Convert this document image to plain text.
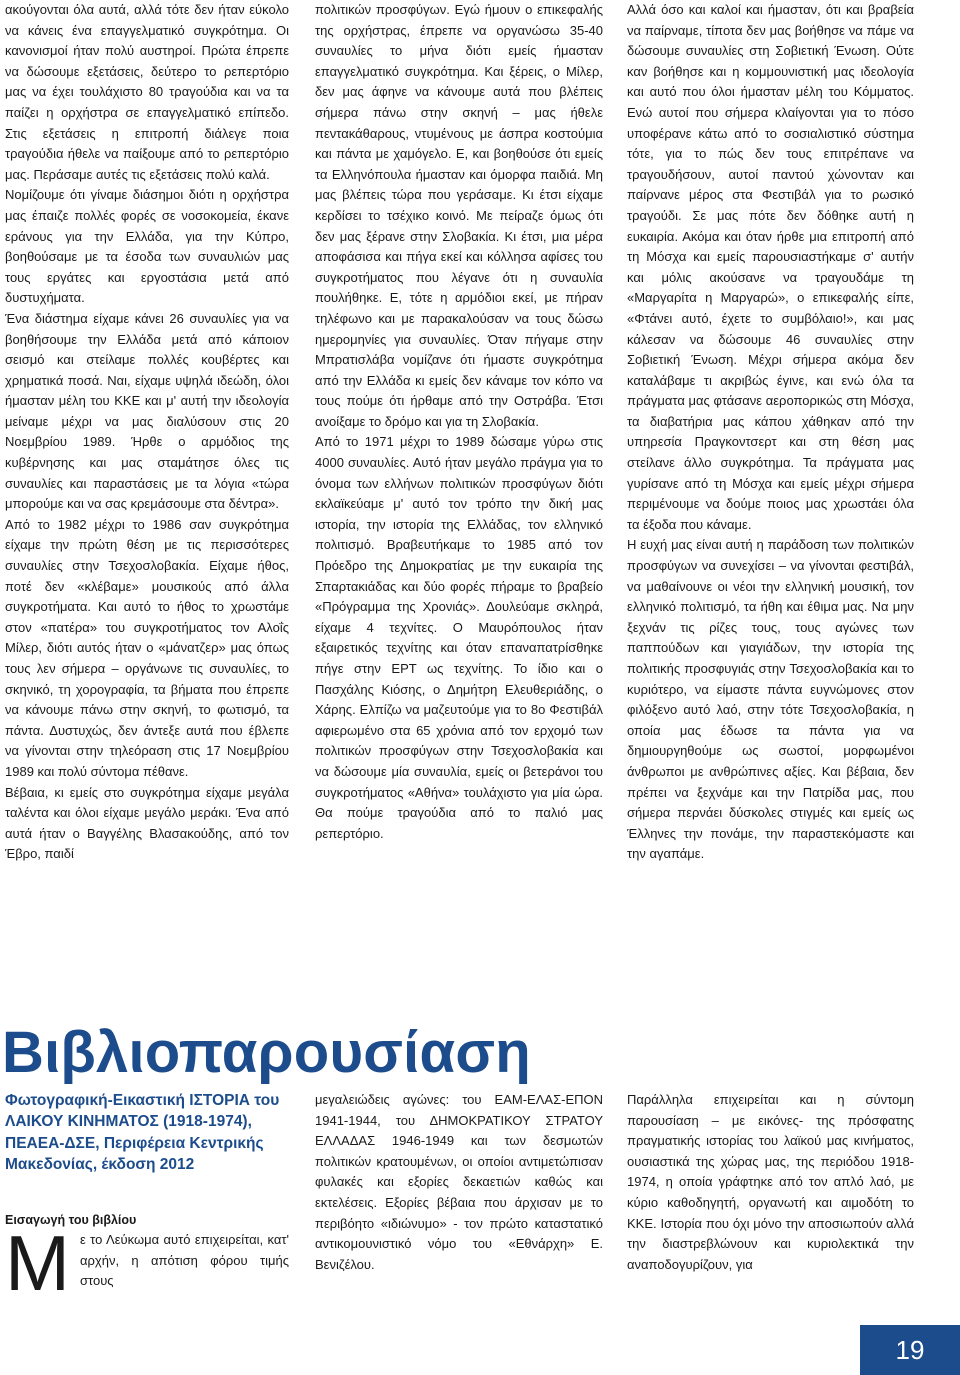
ακούγονται όλα αυτά, αλλά τότε δεν ήταν εύκολο να κάνεις ένα επαγγελματικό συγκρότημα. Οι κανονισμοί ήταν πολύ αυστηροί. Πρώτα έπρεπε να δώσουμε εξετάσεις, δεύτερο το ρεπερτόριο μας να έχει τουλάχιστο 80 τραγούδια και να τα παίζει η ορχήστρα σε επαγγελματικό επίπεδο. Στις εξετάσεις η επιτροπή διάλεγε ποια τραγούδια ήθελε να παίξουμε από το ρεπερτόριο μας. Περάσαμε αυτές τις εξετάσεις πολύ καλά.

Νομίζουμε ότι γίναμε διάσημοι διότι η ορχήστρα μας έπαιζε πολλές φορές σε νοσοκομεία, έκανε εράνους για την Ελλάδα, για την Κύπρο, βοηθούσαμε με τα έσοδα των συναυλιών μας τους εργάτες και εργοστάσια μετά από δυστυχήματα.

Ένα διάστημα είχαμε κάνει 26 συναυλίες για να βοηθήσουμε την Ελλάδα μετά από κάποιον σεισμό και στείλαμε πολλές κουβέρτες και χρηματικά ποσά. Ναι, είχαμε υψηλά ιδεώδη, όλοι ήμασταν μέλη του ΚΚΕ και μ' αυτή την ιδεολογία μείναμε μέχρι να μας διαλύσουν στις 20 Νοεμβρίου 1989. Ήρθε ο αρμόδιος της κυβέρνησης και μας σταμάτησε όλες τις συναυλίες και παραστάσεις με τα λόγια «τώρα μπορούμε και να σας κρεμάσουμε στα δέντρα».

Από το 1982 μέχρι το 1986 σαν συγκρότημα είχαμε την πρώτη θέση με τις περισσότερες συναυλίες στην Τσεχοσλοβακία. Είχαμε ήθος, ποτέ δεν «κλέβαμε» μουσικούς από άλλα συγκροτήματα. Και αυτό το ήθος το χρωστάμε στον «πατέρα» του συγκροτήματος τον Αλοΐς Μίλερ, διότι αυτός ήταν ο «μάνατζερ» μας όπως τους λεν σήμερα – οργάνωνε τις συναυλίες, το σκηνικό, τη χορογραφία, τα βήματα που έπρεπε να κάνουμε πάνω στην σκηνή, το φωτισμό, τα πάντα. Δυστυχώς, δεν άντεξε αυτά που έβλεπε να γίνονται στην τηλεόραση στις 17 Νοεμβρίου 1989 και πολύ σύντομα πέθανε.

Βέβαια, κι εμείς στο συγκρότημα είχαμε μεγάλα ταλέντα και όλοι είχαμε μεγάλο μεράκι. Ένα από αυτά ήταν ο Βαγγέλης Βλασακούδης, από τον Έβρο, παιδί

πολιτικών προσφύγων. Εγώ ήμουν ο επικεφαλής της ορχήστρας, έπρεπε να οργανώσω 35-40 συναυλίες το μήνα διότι εμείς ήμασταν επαγγελματικό συγκρότημα. Και ξέρεις, ο Μίλερ, δεν μας άφηνε να κάνουμε αυτά που βλέπεις σήμερα πάνω στην σκηνή – μας ήθελε πεντακάθαρους, ντυμένους με άσπρα κοστούμια και πάντα με χαμόγελο. Ε, και βοηθούσε ότι εμείς τα Ελληνόπουλα ήμασταν και όμορφα παιδιά. Μη μας βλέπεις τώρα που γεράσαμε. Κι έτσι είχαμε κερδίσει το τσέχικο κοινό. Με πείραζε όμως ότι δεν μας ξέρανε στην Σλοβακία. Κι έτσι, μια μέρα αποφάσισα και πήγα εκεί και κόλλησα αφίσες του συγκροτήματος που λέγανε ότι η συναυλία πουλήθηκε. Ε, τότε η αρμόδιοι εκεί, με πήραν τηλέφωνο και με παρακαλούσαν να τους δώσω ημερομηνίες για συναυλίες. Όταν πήγαμε στην Μπρατισλάβα νομίζανε ότι ήμαστε συγκρότημα από την Ελλάδα κι εμείς δεν κάναμε τον κόπο να τους πούμε ότι ήρθαμε από την Οστράβα. Έτσι ανοίξαμε το δρόμο και για τη Σλοβακία.

Από το 1971 μέχρι το 1989 δώσαμε γύρω στις 4000 συναυλίες. Αυτό ήταν μεγάλο πράγμα για το όνομα των ελλήνων πολιτικών προσφύγων διότι εκλαϊκεύαμε μ' αυτό τον τρόπο την δική μας ιστορία, την ιστορία της Ελλάδας, τον ελληνικό πολιτισμό. Βραβευτήκαμε το 1985 από τον Πρόεδρο της Δημοκρατίας με την ευκαιρία της Σπαρτακιάδας και δύο φορές πήραμε το βραβείο «Πρόγραμμα της Χρονιάς». Δουλεύαμε σκληρά, είχαμε 4 τεχνίτες. Ο Μαυρόπουλος ήταν εξαιρετικός τεχνίτης και όταν επαναπατρίσθηκε πήγε στην ΕΡΤ ως τεχνίτης. Το ίδιο και ο Πασχάλης Κιόσης, ο Δημήτρη Ελευθεριάδης, ο Χάρης. Ελπίζω να μαζευτούμε για το 8ο Φεστιβάλ αφιερωμένο στα 65 χρόνια από τον ερχομό των πολιτικών προσφύγων στην Τσεχοσλοβακία και να δώσουμε μία συναυλία, εμείς οι βετεράνοι του συγκροτήματος «Αθήνα» τουλάχιστο για μία ώρα. Θα πούμε τραγούδια από το παλιό μας ρεπερτόριο.

Αλλά όσο και καλοί και ήμασταν, ότι και βραβεία να παίρναμε, τίποτα δεν μας βοήθησε να πάμε να δώσουμε συναυλίες στη Σοβιετική Ένωση. Ούτε καν βοήθησε και η κομμουνιστική μας ιδεολογία και αυτό που όλοι ήμασταν μέλη του Κόμματος. Ενώ αυτοί που σήμερα κλαίγονται για το πόσο υποφέρανε κάτω από το σοσιαλιστικό σύστημα τότε, για το πώς δεν τους επιτρέπανε να τραγουδήσουν, αυτοί παντού χώνονταν και παίρνανε μέρος στα Φεστιβάλ για το ρωσικό τραγούδι. Σε μας πότε δεν δόθηκε αυτή η ευκαιρία. Ακόμα και όταν ήρθε μια επιτροπή από τη Μόσχα και εμείς παρουσιαστήκαμε σ' αυτήν και μόλις ακούσανε να τραγουδάμε τη «Μαργαρίτα η Μαργαρώ», ο επικεφαλής είπε, «Φτάνει αυτό, έχετε το συμβόλαιο!», και μας κάλεσαν να δώσουμε 46 συναυλίες στην Σοβιετική Ένωση. Μέχρι σήμερα ακόμα δεν καταλάβαμε τι ακριβώς έγινε, και ενώ όλα τα πράγματα μας φτάσανε αεροπορικώς στη Μόσχα, τα διαβατήρια μας κάπου χάθηκαν από την υπηρεσία Πραγκοντσερτ και στη θέση μας στείλανε άλλο συγκρότημα. Τα πράγματα μας γυρίσανε από τη Μόσχα και εμείς μέχρι σήμερα περιμένουμε να δούμε ποιος μας χρωστάει όλα τα έξοδα που κάναμε.

Η ευχή μας είναι αυτή η παράδοση των πολιτικών προσφύγων να συνεχίσει – να γίνονται φεστιβάλ, να μαθαίνουνε οι νέοι την ελληνική μουσική, τον ελληνικό πολιτισμό, τα ήθη και έθιμα μας. Να μην ξεχνάν τις ρίζες τους, τους αγώνες των παππούδων και γιαγιάδων, την ιστορία της πολιτικής προσφυγιάς στην Τσεχοσλοβακία και το κυριότερο, να είμαστε πάντα ευγνώμονες στον φιλόξενο αυτό λαό, στην τότε Τσεχοσλοβακία, η οποία μας έδωσε τα πάντα για να δημιουργηθούμε ως σωστοί, μορφωμένοι άνθρωποι με ανθρώπινες αξίες. Και βέβαια, δεν πρέπει να ξεχνάμε και την Πατρίδα μας, που σήμερα περνάει δύσκολες στιγμές και εμείς ως Έλληνες την πονάμε, την παραστεκόμαστε και την αγαπάμε.

Βιβλιοπαρουσίαση

Φωτογραφική-Εικαστική ΙΣΤΟΡΙΑ του ΛΑΙΚΟΥ ΚΙΝΗΜΑΤΟΣ (1918-1974), ΠΕΑΕΑ-ΔΣΕ, Περιφέρεια Κεντρικής Μακεδονίας, έκδοση 2012

Εισαγωγή του βιβλίου
Μ ε το Λεύκωμα αυτό επιχειρείται, κατ' αρχήν, η απότιση φόρου τιμής στους

μεγαλειώδεις αγώνες: του ΕΑΜ-ΕΛΑΣ-ΕΠΟΝ 1941-1944, του ΔΗΜΟΚΡΑΤΙΚΟΥ ΣΤΡΑΤΟΥ ΕΛΛΑΔΑΣ 1946-1949 και των δεσμωτών πολιτικών κρατουμένων, οι οποίοι αντιμετώπισαν φυλακές και εξορίες δεκαετιών καθώς και εκτελέσεις. Εξορίες βέβαια που άρχισαν με το περιβόητο «ιδιώνυμο» - τον πρώτο καταστατικό αντικομουνιστικό νόμο του «Εθνάρχη» Ε. Βενιζέλου.

Παράλληλα επιχειρείται και η σύντομη παρουσίαση – με εικόνες- της πρόσφατης πραγματικής ιστορίας του λαϊκού μας κινήματος, ουσιαστικά της χώρας μας, της περιόδου 1918-1974, η οποία γράφτηκε από τον απλό λαό, με κύριο καθοδηγητή, οργανωτή και αιμοδότη το ΚΚΕ. Ιστορία που όχι μόνο την αποσιωπούν αλλά την διαστρεβλώνουν και κυριολεκτικά την αναποδογυρίζουν, για

19
